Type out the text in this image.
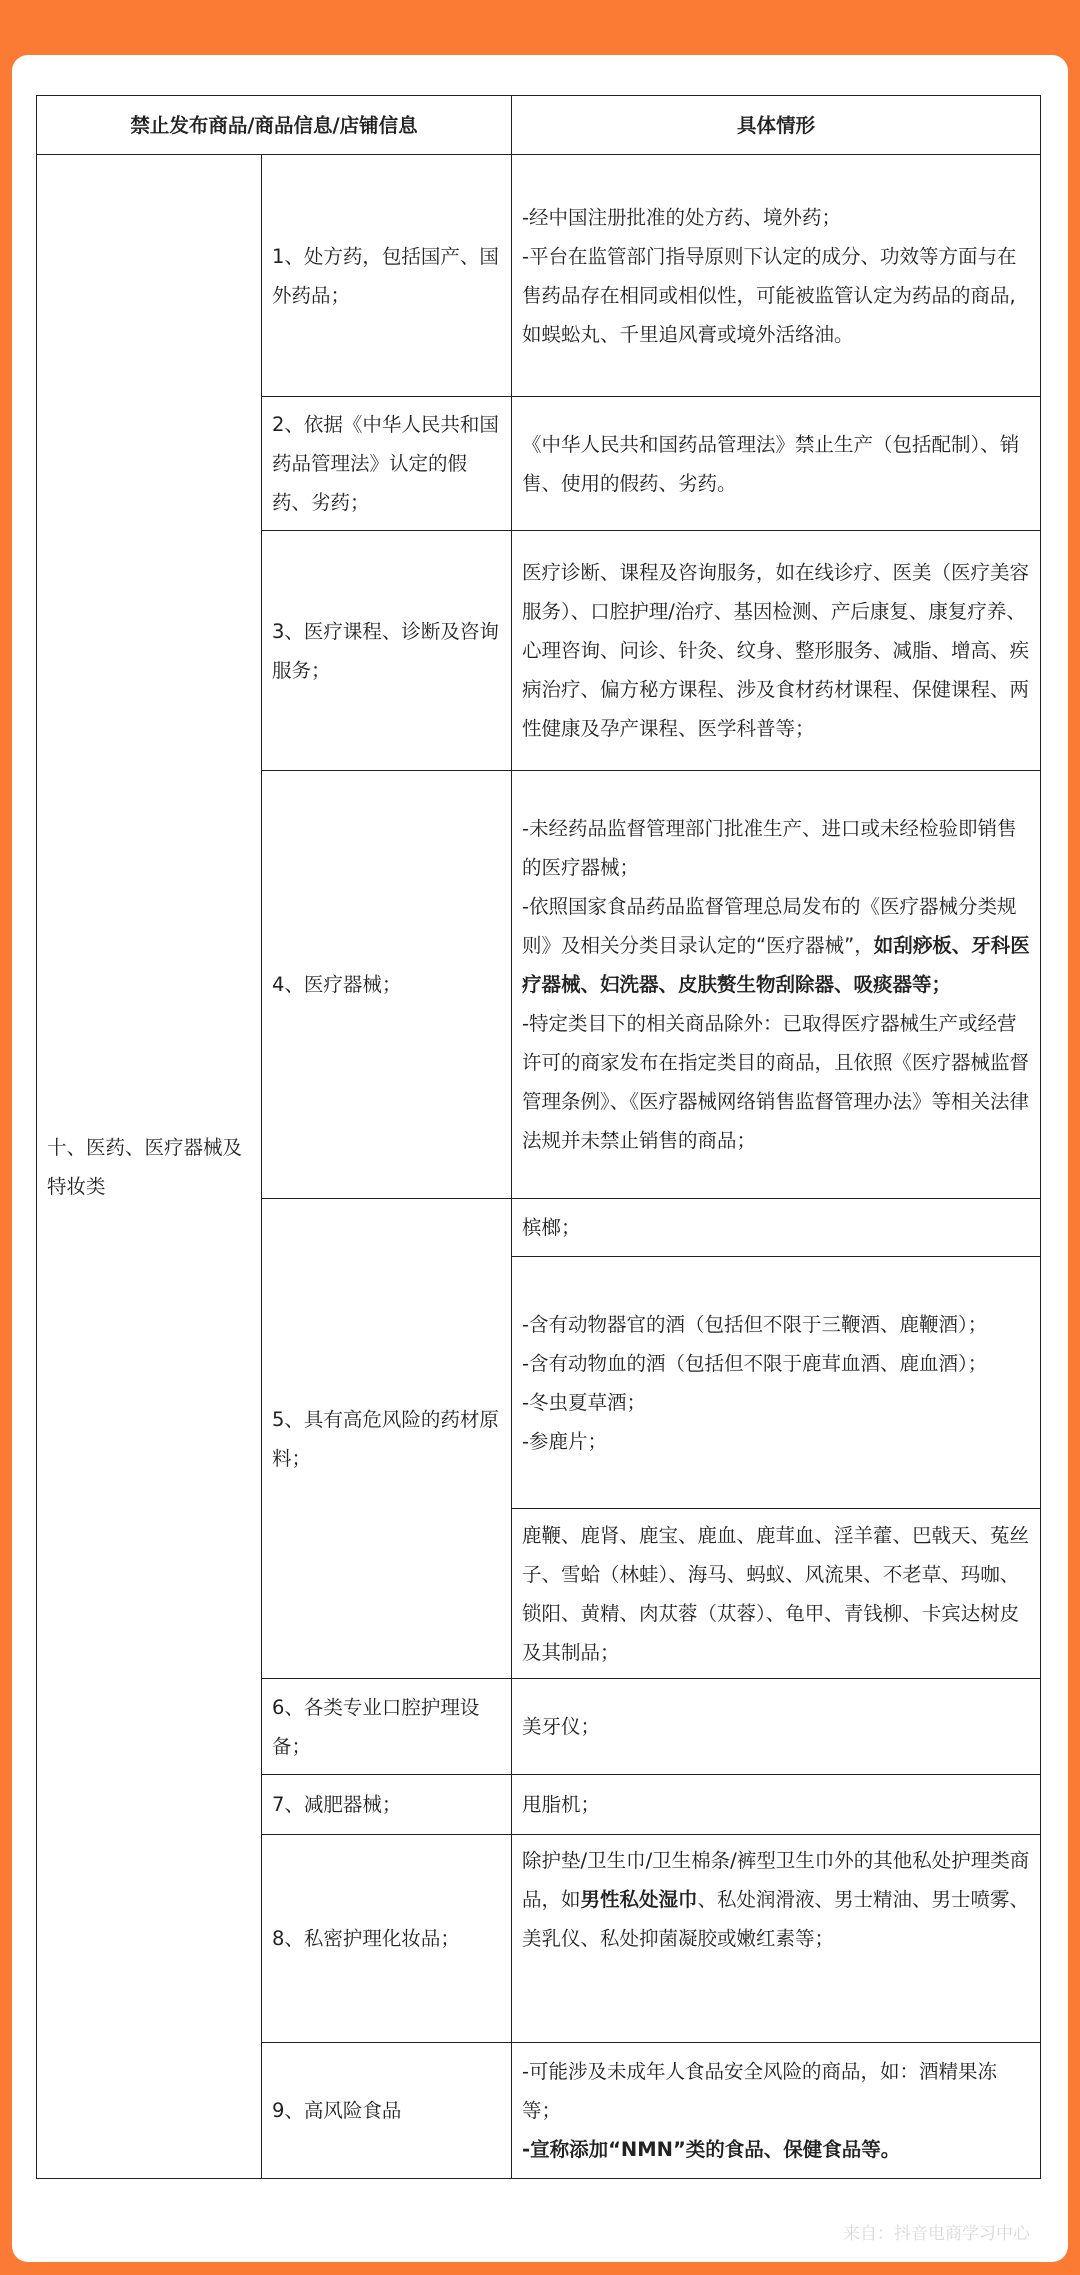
禁止发布商品/商品信息/店铺信息		具体情形
十、医药、医疗器械及特妆类	1、处方药，包括国产、国外药品；	-经中国注册批准的处方药、境外药；

-平台在监管部门指导原则下认定的成分、功效等方面与在售药品存在相同或相似性，可能被监管认定为药品的商品,如蜈蚣丸、千里追风膏或境外活络油。

	2、依据《中华人民共和国药品管理法》认定的假药、劣药；	《中华人民共和国药品管理法》禁止生产（包括配制）、销售、使用的假药、劣药。

	3、医疗课程、诊断及咨询服务；	医疗诊断、课程及咨询服务，如在线诊疗、医美（医疗美容服务）、口腔护理/治疗、基因检测、产后康复、康复疗养、心理咨询、问诊、针灸、纹身、整形服务、减脂、增高、疾病治疗、偏方秘方课程、涉及食材药材课程、保健课程、两性健康及孕产课程、医学科普等；

	4、医疗器械；	-未经药品监督管理部门批准生产、进口或未经检验即销售的医疗器械；

-依照国家食品药品监督管理总局发布的《医疗器械分类规则》及相关分类目录认定的“医疗器械”，如刮痧板、牙科医疗器械、妇洗器、皮肤赘生物刮除器、吸痰器等；

-特定类目下的相关商品除外：已取得医疗器械生产或经营许可的商家发布在指定类目的商品，且依照《医疗器械监督管理条例》、《医疗器械网络销售监督管理办法》等相关法律法规并未禁止销售的商品；

	5、具有高危风险的药材原料；	槟榔；

		-含有动物器官的酒（包括但不限于三鞭酒、鹿鞭酒）；

-含有动物血的酒（包括但不限于鹿茸血酒、鹿血酒）；

-冬虫夏草酒；

-参鹿片；

		鹿鞭、鹿肾、鹿宝、鹿血、鹿茸血、淫羊藿、巴戟天、菟丝子、雪蛤（林蛙）、海马、蚂蚁、风流果、不老草、玛咖、锁阳、黄精、肉苁蓉（苁蓉）、龟甲、青钱柳、卡宾达树皮及其制品；

	6、各类专业口腔护理设备；	美牙仪；

	7、减肥器械；	甩脂机；

	8、私密护理化妆品；	除护垫/卫生巾/卫生棉条/裤型卫生巾外的其他私处护理类商品，如男性私处湿巾、私处润滑液、男士精油、男士喷雾、美乳仪、私处抑菌凝胶或嫩红素等；

	9、高风险食品	-可能涉及未成年人食品安全风险的商品，如：酒精果冻等；

-宣称添加“NMN”类的食品、保健食品等。

来自：抖音电商学习中心
